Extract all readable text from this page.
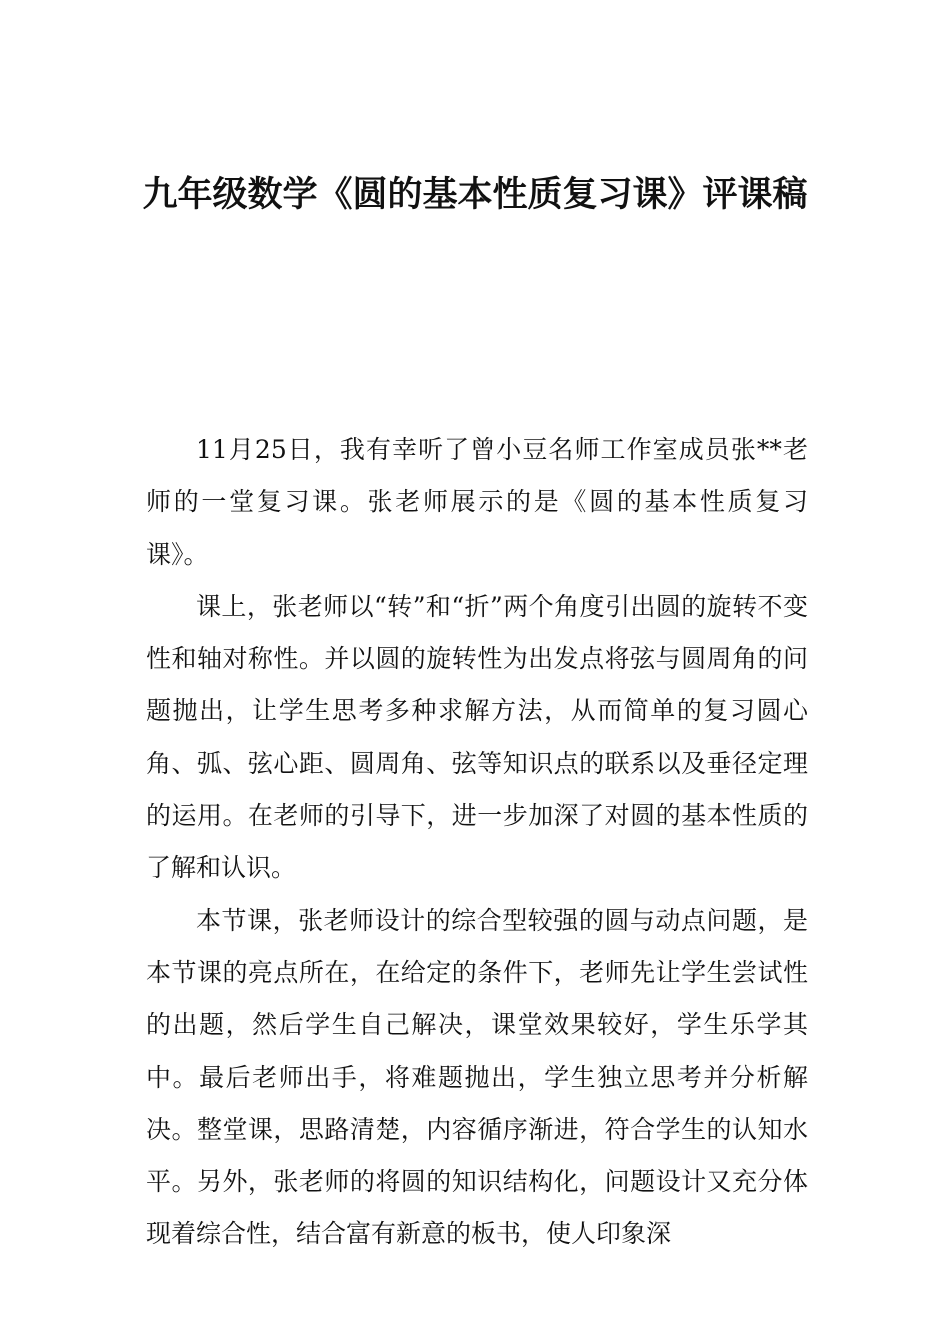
九年级数学《圆的基本性质复习课》评课稿

11月25日，我有幸听了曾小豆名师工作室成员张**老师的一堂复习课。张老师展示的是《圆的基本性质复习课》。

课上，张老师以“转”和“折”两个角度引出圆的旋转不变性和轴对称性。并以圆的旋转性为出发点将弦与圆周角的问题抛出，让学生思考多种求解方法，从而简单的复习圆心角、弧、弦心距、圆周角、弦等知识点的联系以及垂径定理的运用。在老师的引导下，进一步加深了对圆的基本性质的了解和认识。

本节课，张老师设计的综合型较强的圆与动点问题，是本节课的亮点所在，在给定的条件下，老师先让学生尝试性的出题，然后学生自己解决，课堂效果较好，学生乐学其中。最后老师出手，将难题抛出，学生独立思考并分析解决。整堂课，思路清楚，内容循序渐进，符合学生的认知水平。另外，张老师的将圆的知识结构化，问题设计又充分体现着综合性，结合富有新意的板书，使人印象深
